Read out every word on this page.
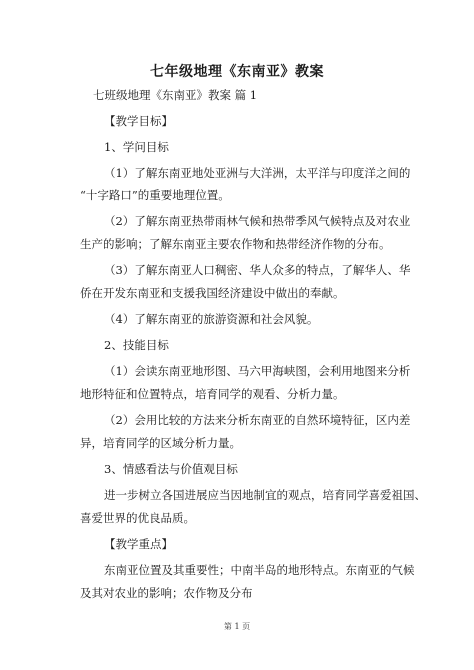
七年级地理《东南亚》教案
七班级地理《东南亚》教案 篇 1
【教学目标】
1、学问目标
（1）了解东南亚地处亚洲与大洋洲，太平洋与印度洋之间的
“十字路口”的重要地理位置。
（2）了解东南亚热带雨林气候和热带季风气候特点及对农业
生产的影响；了解东南亚主要农作物和热带经济作物的分布。
（3）了解东南亚人口稠密、华人众多的特点，了解华人、华
侨在开发东南亚和支援我国经济建设中做出的奉献。
（4）了解东南亚的旅游资源和社会风貌。
2、技能目标
（1）会读东南亚地形图、马六甲海峡图，会利用地图来分析
地形特征和位置特点，培育同学的观看、分析力量。
（2）会用比较的方法来分析东南亚的自然环境特征，区内差
异，培育同学的区域分析力量。
3、情感看法与价值观目标
进一步树立各国进展应当因地制宜的观点，培育同学喜爱祖国、
喜爱世界的优良品质。
【教学重点】
东南亚位置及其重要性；中南半岛的地形特点。东南亚的气候
及其对农业的影响；农作物及分布
第 1 页
